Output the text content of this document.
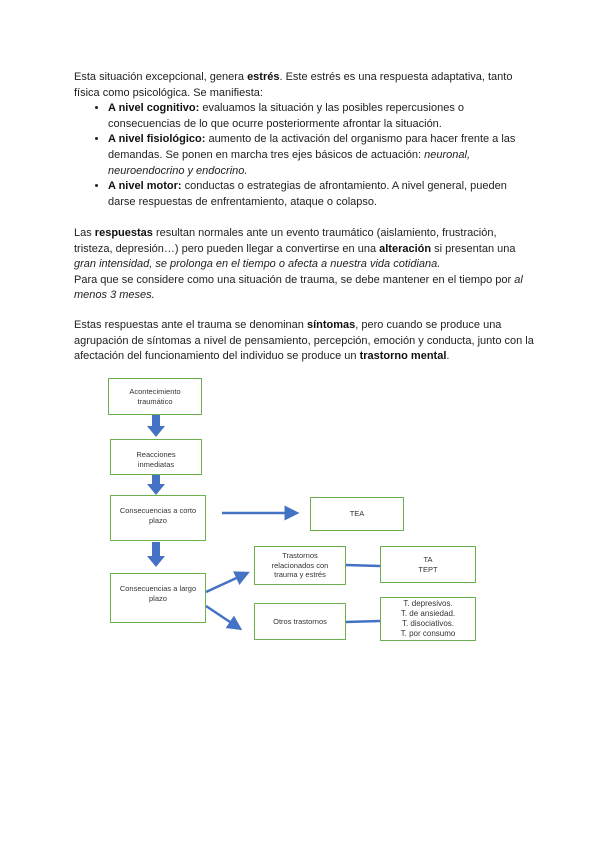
Esta situación excepcional, genera estrés. Este estrés es una respuesta adaptativa, tanto física como psicológica. Se manifiesta:
• A nivel cognitivo: evaluamos la situación y las posibles repercusiones o consecuencias de lo que ocurre posteriormente afrontar la situación.
• A nivel fisiológico: aumento de la activación del organismo para hacer frente a las demandas. Se ponen en marcha tres ejes básicos de actuación: neuronal, neuroendocrino y endocrino.
• A nivel motor: conductas o estrategias de afrontamiento. A nivel general, pueden darse respuestas de enfrentamiento, ataque o colapso.
Las respuestas resultan normales ante un evento traumático (aislamiento, frustración, tristeza, depresión…) pero pueden llegar a convertirse en una alteración si presentan una gran intensidad, se prolonga en el tiempo o afecta a nuestra vida cotidiana.
Para que se considere como una situación de trauma, se debe mantener en el tiempo por al menos 3 meses.
Estas respuestas ante el trauma se denominan síntomas, pero cuando se produce una agrupación de síntomas a nivel de pensamiento, percepción, emoción y conducta, junto con la afectación del funcionamiento del individuo se produce un trastorno mental.
Acontecimiento
traumático
Reacciones
inmediatas
Consecuencias a corto
plazo
TEA
Consecuencias a largo
plazo
Trastornos
relacionados con
trauma y estrés
TA
TEPT
Otros trastornos
T. depresivos.
T. de ansiedad.
T. disociativos.
T. por consumo
